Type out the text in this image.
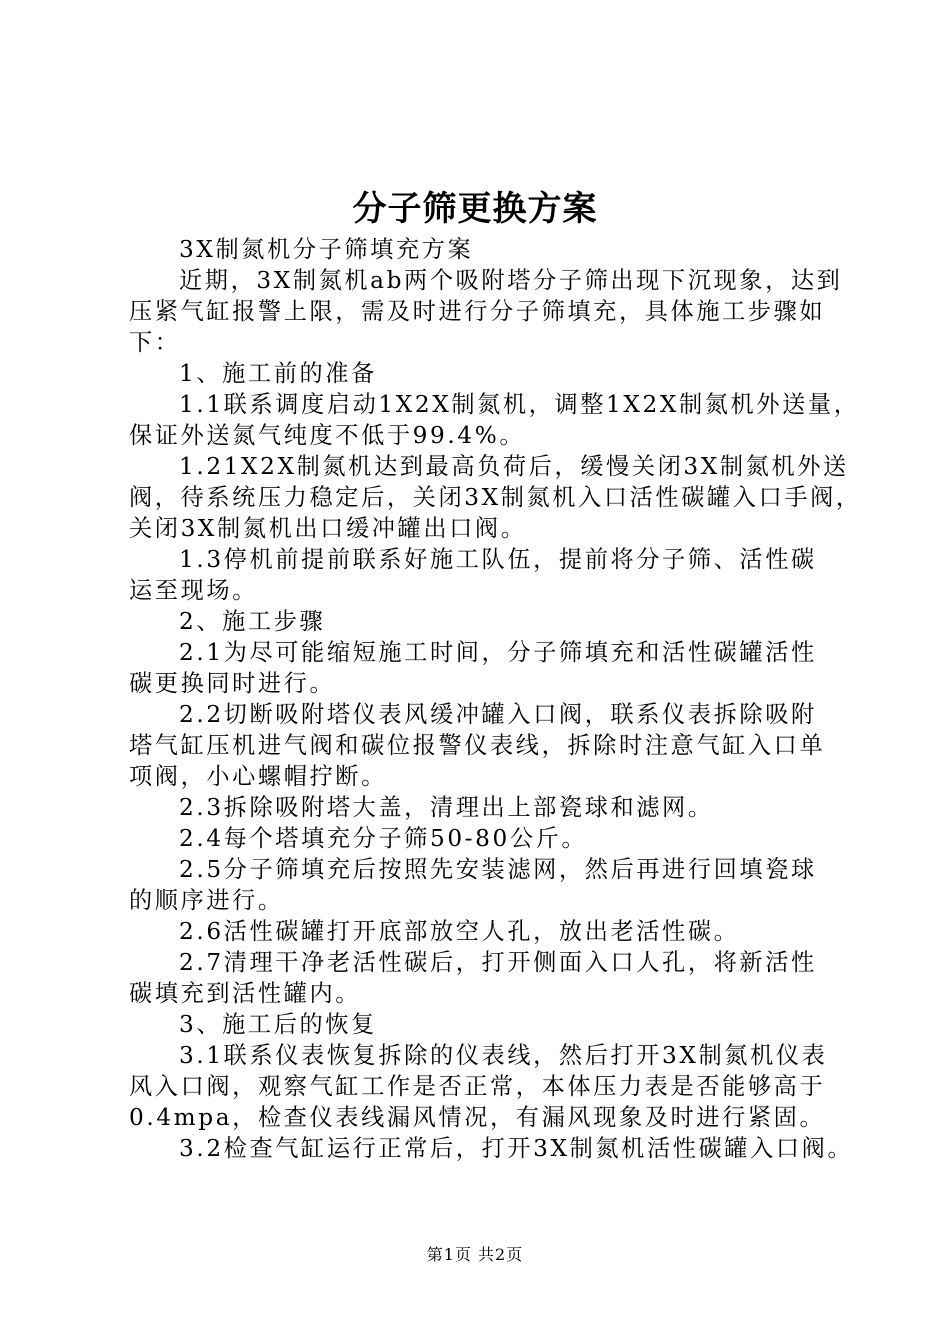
分子筛更换方案
3X制氮机分子筛填充方案
近期，3X制氮机ab两个吸附塔分子筛出现下沉现象，达到
压紧气缸报警上限，需及时进行分子筛填充，具体施工步骤如
下：
1、施工前的准备
1.1联系调度启动1X2X制氮机，调整1X2X制氮机外送量，
保证外送氮气纯度不低于99.4%。
1.21X2X制氮机达到最高负荷后，缓慢关闭3X制氮机外送
阀，待系统压力稳定后，关闭3X制氮机入口活性碳罐入口手阀，
关闭3X制氮机出口缓冲罐出口阀。
1.3停机前提前联系好施工队伍，提前将分子筛、活性碳
运至现场。
2、施工步骤
2.1为尽可能缩短施工时间，分子筛填充和活性碳罐活性
碳更换同时进行。
2.2切断吸附塔仪表风缓冲罐入口阀，联系仪表拆除吸附
塔气缸压机进气阀和碳位报警仪表线，拆除时注意气缸入口单
项阀，小心螺帽拧断。
2.3拆除吸附塔大盖，清理出上部瓷球和滤网。
2.4每个塔填充分子筛50-80公斤。
2.5分子筛填充后按照先安装滤网，然后再进行回填瓷球
的顺序进行。
2.6活性碳罐打开底部放空人孔，放出老活性碳。
2.7清理干净老活性碳后，打开侧面入口人孔，将新活性
碳填充到活性罐内。
3、施工后的恢复
3.1联系仪表恢复拆除的仪表线，然后打开3X制氮机仪表
风入口阀，观察气缸工作是否正常，本体压力表是否能够高于
0.4mpa，检查仪表线漏风情况，有漏风现象及时进行紧固。
3.2检查气缸运行正常后，打开3X制氮机活性碳罐入口阀。
第1页 共2页
